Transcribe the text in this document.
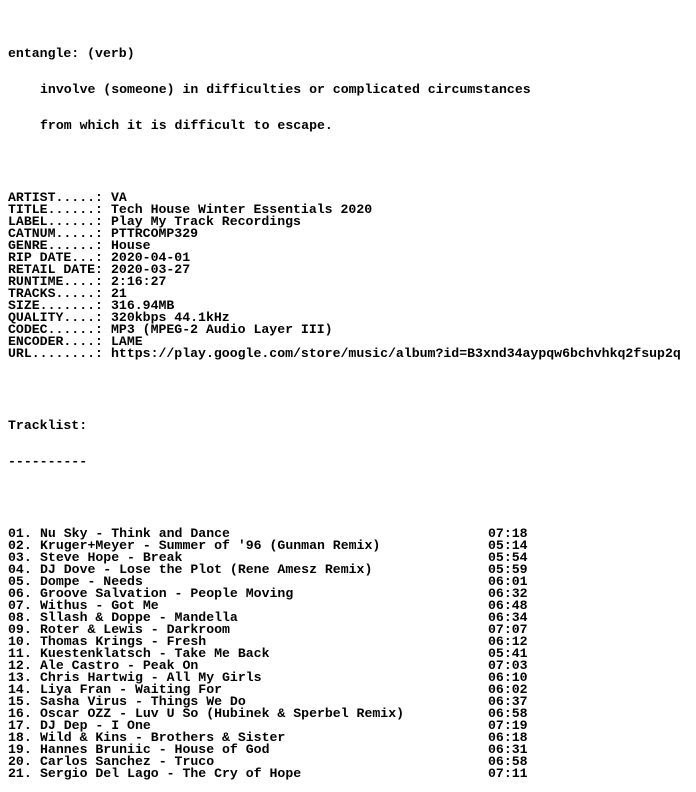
entangle: (verb)

involve (someone) in difficulties or complicated circumstances

from which it is difficult to escape.

ARTIST.....: VA
TITLE......: Tech House Winter Essentials 2020
LABEL......: Play My Track Recordings
CATNUM.....: PTTRCOMP329
GENRE......: House
RIP DATE...: 2020-04-01
RETAIL DATE: 2020-03-27
RUNTIME....: 2:16:27
TRACKS.....: 21
SIZE.......: 316.94MB
QUALITY....: 320kbps 44.1kHz
CODEC......: MP3 (MPEG-2 Audio Layer III)
ENCODER....: LAME
URL........: https://play.google.com/store/music/album?id=B3xnd34aypqw6bchvhkq2fsup2q

Tracklist:

----------

01. Nu Sky - Think and Dance	07:18
02. Kruger+Meyer - Summer of '96 (Gunman Remix)	05:14
03. Steve Hope - Break	05:54
04. DJ Dove - Lose the Plot (Rene Amesz Remix)	05:59
05. Dompe - Needs	06:01
06. Groove Salvation - People Moving	06:32
07. Withus - Got Me	06:48
08. Sllash & Doppe - Mandella	06:34
09. Roter & Lewis - Darkroom	07:07
10. Thomas Krings - Fresh	06:12
11. Kuestenklatsch - Take Me Back	05:41
12. Ale Castro - Peak On	07:03
13. Chris Hartwig - All My Girls	06:10
14. Liya Fran - Waiting For	06:02
15. Sasha Virus - Things We Do	06:37
16. Oscar OZZ - Luv U So (Hubinek & Sperbel Remix)	06:58
17. DJ Dep - I One	07:19
18. Wild & Kins - Brothers & Sister	06:18
19. Hannes Bruniic - House of God	06:31
20. Carlos Sanchez - Truco	06:58
21. Sergio Del Lago - The Cry of Hope	07:11
